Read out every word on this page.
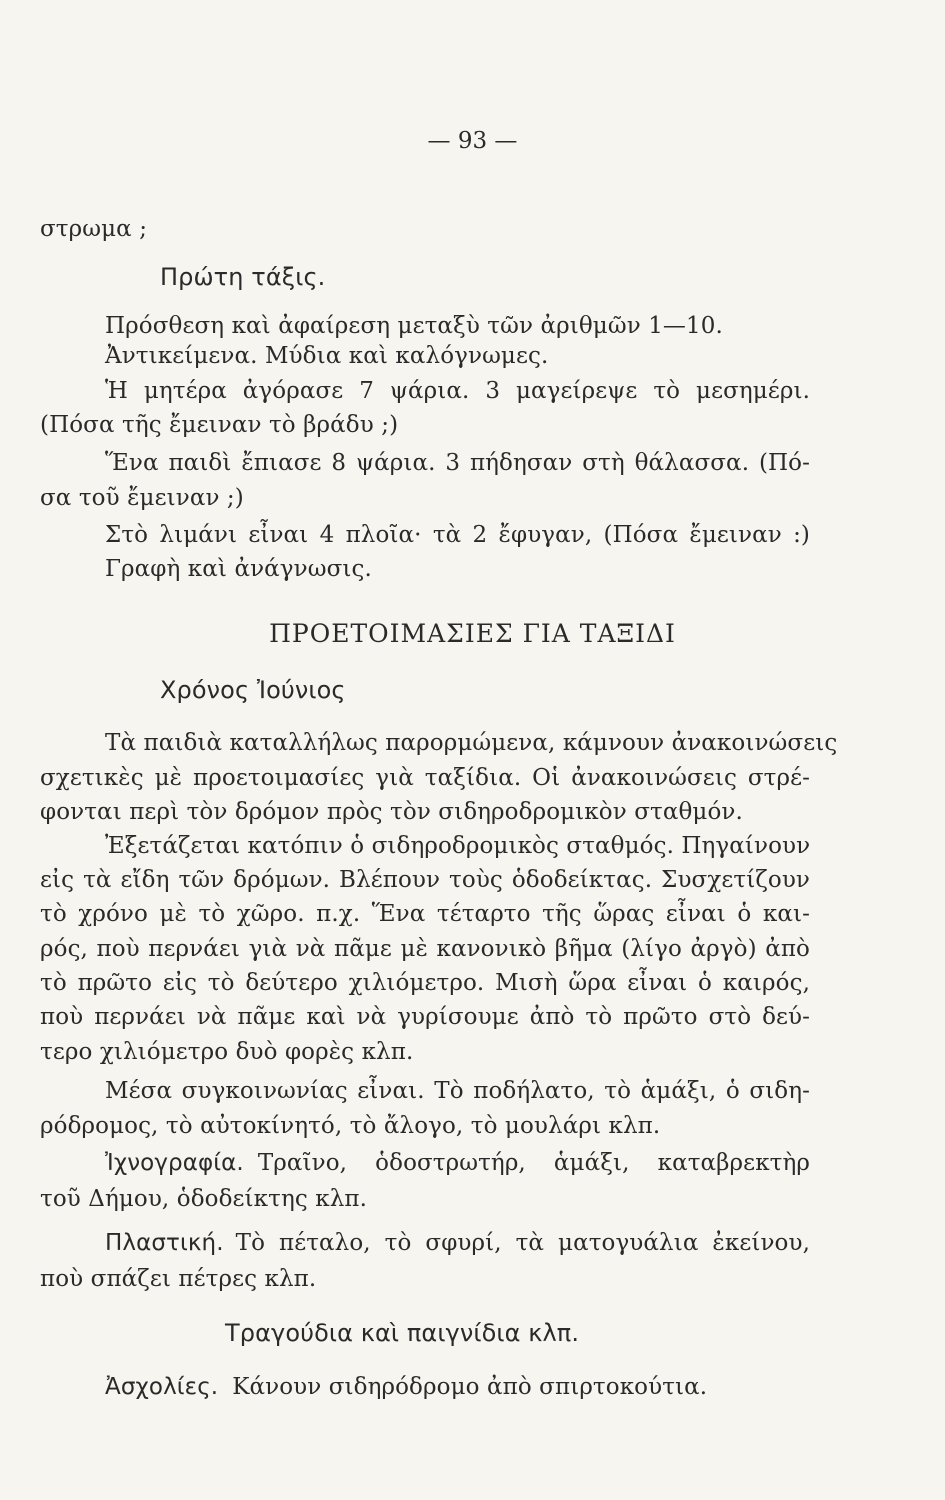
— 93 —
στρωμα ;
Πρώτη τάξις.
Πρόσθεση καὶ ἀφαίρεση μεταξὺ τῶν ἀριθμῶν 1—10.
Ἀντικείμενα. Μύδια καὶ καλόγνωμες.
Ἡ μητέρα ἀγόρασε 7 ψάρια. 3 μαγείρεψε τὸ μεσημέρι.
(Πόσα τῆς ἔμειναν τὸ βράδυ ;)
Ἕνα παιδὶ ἔπιασε 8 ψάρια. 3 πήδησαν στὴ θάλασσα. (Πό-
σα τοῦ ἔμειναν ;)
Στὸ λιμάνι εἶναι 4 πλοῖα· τὰ 2 ἔφυγαν, (Πόσα ἔμειναν :)
Γραφὴ καὶ ἀνάγνωσις.
ΠΡΟΕΤΟΙΜΑΣΙΕΣ ΓΙΑ ΤΑΞΙΔΙ
Χρόνος Ἰούνιος
Τὰ παιδιὰ καταλλήλως παρορμώμενα, κάμνουν ἀνακοινώσεις
σχετικὲς μὲ προετοιμασίες γιὰ ταξίδια. Οἱ ἀνακοινώσεις στρέ-
φονται περὶ τὸν δρόμον πρὸς τὸν σιδηροδρομικὸν σταθμόν.
Ἐξετάζεται κατόπιν ὁ σιδηροδρομικὸς σταθμός. Πηγαίνουν
εἰς τὰ εἴδη τῶν δρόμων. Βλέπουν τοὺς ὁδοδείκτας. Συσχετίζουν
τὸ χρόνο μὲ τὸ χῶρο. π.χ. Ἕνα τέταρτο τῆς ὥρας εἶναι ὁ και-
ρός, ποὺ περνάει γιὰ νὰ πᾶμε μὲ κανονικὸ βῆμα (λίγο ἀργὸ) ἀπὸ
τὸ πρῶτο εἰς τὸ δεύτερο χιλιόμετρο. Μισὴ ὥρα εἶναι ὁ καιρός,
ποὺ περνάει νὰ πᾶμε καὶ νὰ γυρίσουμε ἀπὸ τὸ πρῶτο στὸ δεύ-
τερο χιλιόμετρο δυὸ φορὲς κλπ.
Μέσα συγκοινωνίας εἶναι. Τὸ ποδήλατο, τὸ ἁμάξι, ὁ σιδη-
ρόδρομος, τὸ αὐτοκίνητό, τὸ ἄλογο, τὸ μουλάρι κλπ.
Ἰχνογραφία. Τραῖνο, ὁδοστρωτήρ, ἁμάξι, καταβρεκτὴρ
τοῦ Δήμου, ὁδοδείκτης κλπ.
Πλαστική. Τὸ πέταλο, τὸ σφυρί, τὰ ματογυάλια ἐκείνου,
ποὺ σπάζει πέτρες κλπ.
Τραγούδια καὶ παιγνίδια κλπ.
Ἀσχολίες. Κάνουν σιδηρόδρομο ἀπὸ σπιρτοκούτια.
